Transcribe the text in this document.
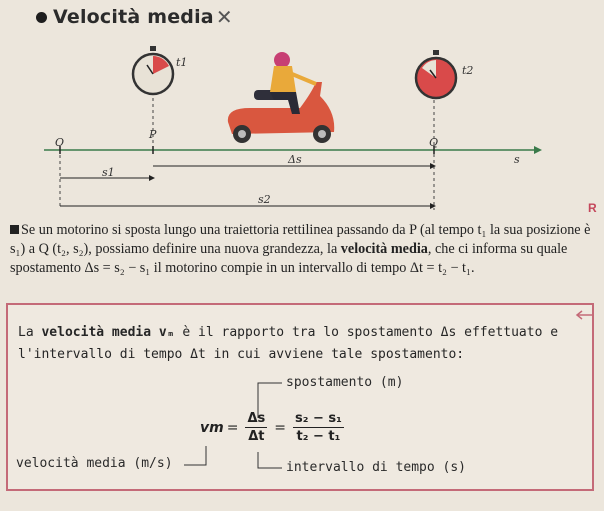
Velocità media ✕
t1
t2
O
P
Q
Δs	s
s1
s2
R

Se un motorino si sposta lungo una traiettoria rettilinea passando da P (al tempo t₁ la sua posizione è s₁) a Q (t₂, s₂), possiamo definire una nuova grandezza, la velocità media, che ci informa su quale spostamento Δs = s₂ − s₁ il motorino compie in un intervallo di tempo Δt = t₂ − t₁.

La velocità media vₘ è il rapporto tra lo spostamento Δs effettuato e l'intervallo di tempo Δt in cui avviene tale spostamento:

spostamento (m)
velocità media (m/s)	intervallo di tempo (s)
vm = $\frac{\Delta s}{\Delta t} = \frac{\text{s₂ − s₁}}{\text{t₂ − t₁}}$
